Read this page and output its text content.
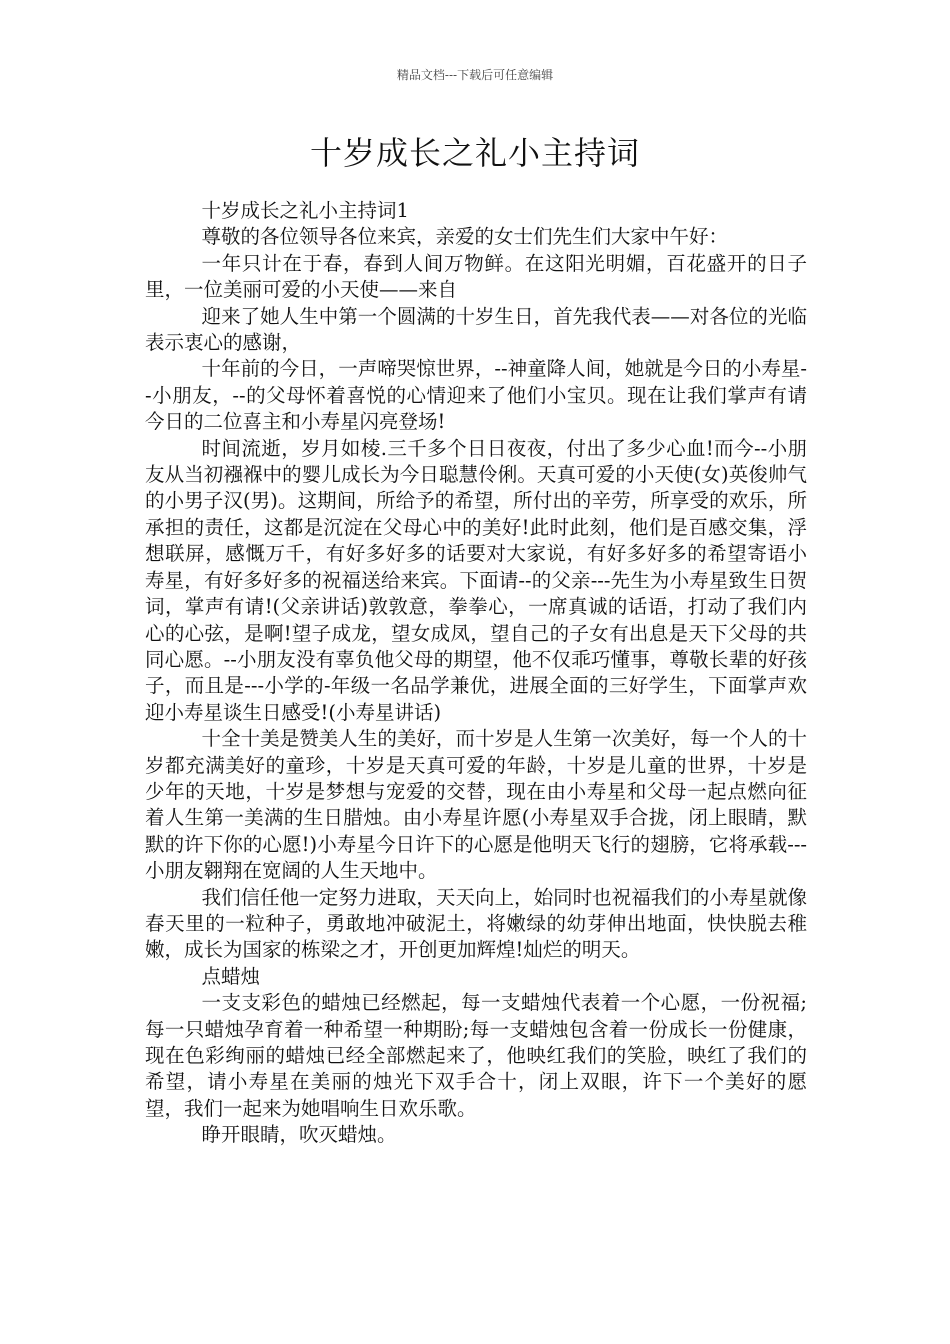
精品文档---下载后可任意编辑
十岁成长之礼小主持词

十岁成长之礼小主持词1

尊敬的各位领导各位来宾，亲爱的女士们先生们大家中午好：

一年只计在于春，春到人间万物鲜。在这阳光明媚，百花盛开的日子里，一位美丽可爱的小天使——来自

迎来了她人生中第一个圆满的十岁生日，首先我代表——对各位的光临表示衷心的感谢，

十年前的今日，一声啼哭惊世界，--神童降人间，她就是今日的小寿星--小朋友，--的父母怀着喜悦的心情迎来了他们小宝贝。现在让我们掌声有请今日的二位喜主和小寿星闪亮登场!

时间流逝，岁月如棱.三千多个日日夜夜，付出了多少心血!而今--小朋友从当初襁褓中的婴儿成长为今日聪慧伶俐。天真可爱的小天使(女)英俊帅气的小男子汉(男)。这期间，所给予的希望，所付出的辛劳，所享受的欢乐，所承担的责任，这都是沉淀在父母心中的美好!此时此刻，他们是百感交集，浮想联屏，感慨万千，有好多好多的话要对大家说，有好多好多的希望寄语小寿星，有好多好多的祝福送给来宾。下面请--的父亲---先生为小寿星致生日贺词，掌声有请!(父亲讲话)敦敦意，拳拳心，一席真诚的话语，打动了我们内心的心弦，是啊!望子成龙，望女成凤，望自己的子女有出息是天下父母的共同心愿。--小朋友没有辜负他父母的期望，他不仅乖巧懂事，尊敬长辈的好孩子，而且是---小学的-年级一名品学兼优，进展全面的三好学生，下面掌声欢迎小寿星谈生日感受!(小寿星讲话)

十全十美是赞美人生的美好，而十岁是人生第一次美好，每一个人的十岁都充满美好的童珍，十岁是天真可爱的年龄，十岁是儿童的世界，十岁是少年的天地，十岁是梦想与宠爱的交替，现在由小寿星和父母一起点燃向征着人生第一美满的生日腊烛。由小寿星许愿(小寿星双手合拢，闭上眼睛，默默的许下你的心愿!)小寿星今日许下的心愿是他明天飞行的翅膀，它将承载---小朋友翱翔在宽阔的人生天地中。

我们信任他一定努力进取，天天向上，始同时也祝福我们的小寿星就像春天里的一粒种子，勇敢地冲破泥土，将嫩绿的幼芽伸出地面，快快脱去稚嫩，成长为国家的栋梁之才，开创更加辉煌!灿烂的明天。

点蜡烛

一支支彩色的蜡烛已经燃起，每一支蜡烛代表着一个心愿，一份祝福;每一只蜡烛孕育着一种希望一种期盼;每一支蜡烛包含着一份成长一份健康，现在色彩绚丽的蜡烛已经全部燃起来了，他映红我们的笑脸，映红了我们的希望，请小寿星在美丽的烛光下双手合十，闭上双眼，许下一个美好的愿望，我们一起来为她唱响生日欢乐歌。

睁开眼睛，吹灭蜡烛。
